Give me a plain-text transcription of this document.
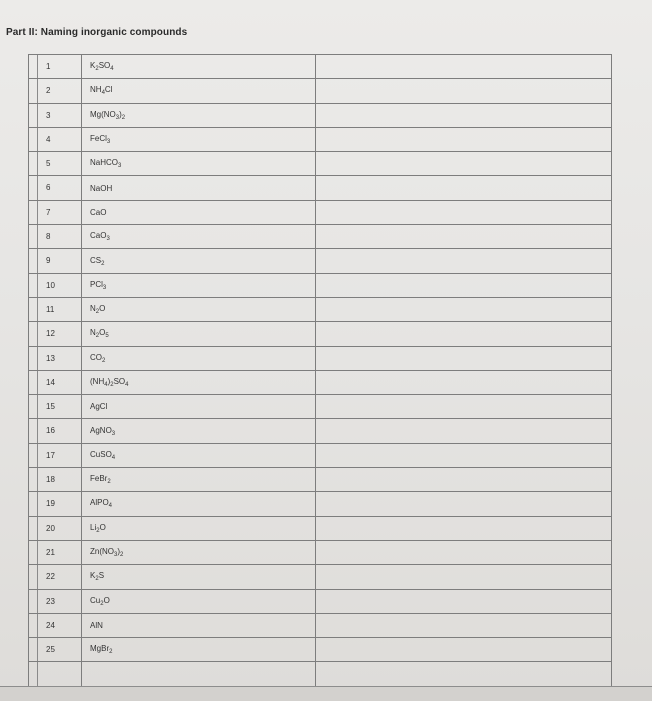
Part II: Naming inorganic compounds
1	$K_2SO_4$	

2	$NH_4Cl$	

3	$Mg(NO_3)_2$	

4	FeCl$_3$	

5	NaHCO$_3$	

6	NaOH	

7	CaO	

8	CaO$_3$	

9	$CS_2$	

10	PCl$_3$	

11	$N_2O$	

12	$N_2O_5$	

13	$CO_2$	

14	$(NH_4)_2SO_4$	

15	AgCl	

16	AgNO$_3$	

17	CuSO$_4$	

18	FeBr$_2$	

19	AlPO$_4$	

20	$Li_2O$	

21	$Zn(NO_3)_2$	

22	$K_2S$	

23	$Cu_2O$	

24	AlN	

25	MgBr$_2$	
